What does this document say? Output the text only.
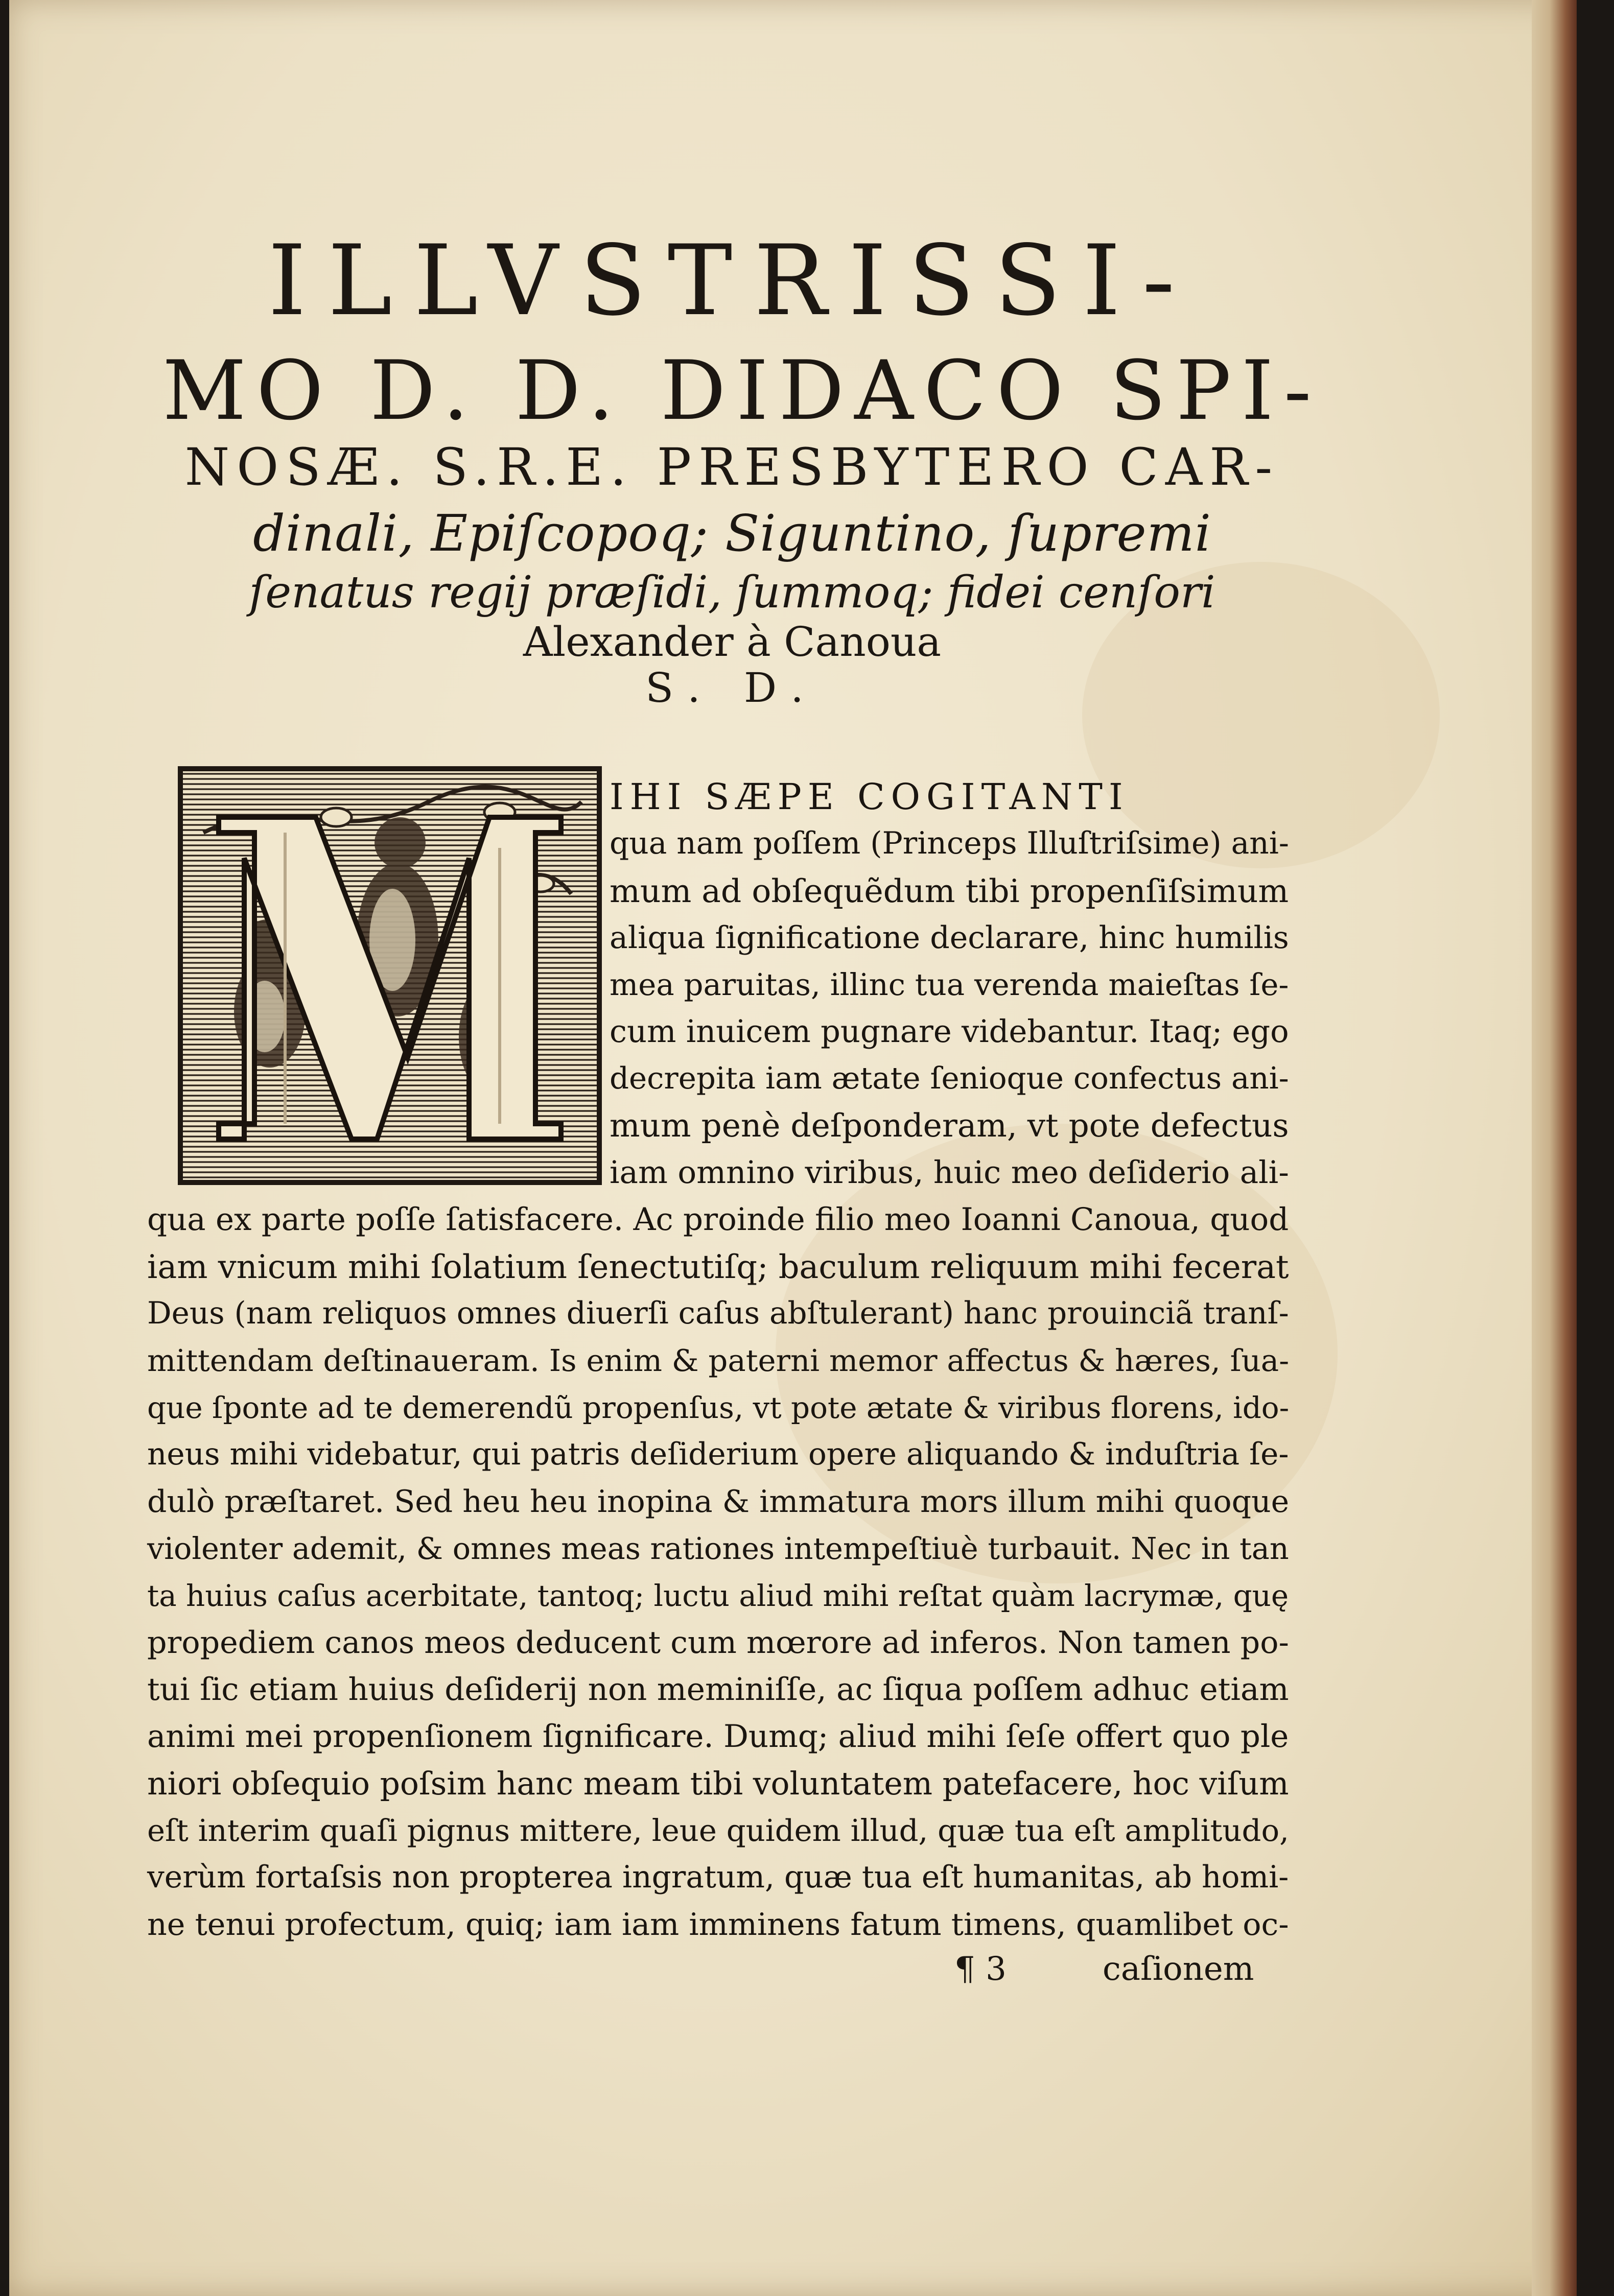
ILLVSTRISSI-
MO D. D. DIDACO SPI-
NOSÆ. S.R.E. PRESBYTERO CAR-
dinali, Epiſcopoq; Siguntino, ſupremi
ſenatus regij præſidi, ſummoq; fidei cenſori
Alexander à Canoua
S. D.
IHI SÆPE COGITANTI
qua nam poſſem (Princeps Illuſtriſsime) ani-
mum ad obſequẽdum tibi propenſiſsimum
aliqua ſignificatione declarare, hinc humilis
mea paruitas, illinc tua verenda maieſtas ſe-
cum inuicem pugnare videbantur. Itaq; ego
decrepita iam ætate ſenioque confectus ani-
mum penè deſponderam, vt pote defectus
iam omnino viribus, huic meo deſiderio ali-
qua ex parte poſſe ſatisfacere. Ac proinde filio meo Ioanni Canoua, quod
iam vnicum mihi ſolatium ſenectutiſq; baculum reliquum mihi fecerat
Deus (nam reliquos omnes diuerſi caſus abſtulerant) hanc prouinciã tranſ-
mittendam deſtinaueram. Is enim & paterni memor affectus & hæres, ſua-
que ſponte ad te demerendũ propenſus, vt pote ætate & viribus florens, ido-
neus mihi videbatur, qui patris deſiderium opere aliquando & induſtria ſe-
dulò præſtaret. Sed heu heu inopina & immatura mors illum mihi quoque
violenter ademit, & omnes meas rationes intempeſtiuè turbauit. Nec in tan
ta huius caſus acerbitate, tantoq; luctu aliud mihi reſtat quàm lacrymæ, quę
propediem canos meos deducent cum mœrore ad inferos. Non tamen po-
tui ſic etiam huius deſiderij non meminiſſe, ac ſiqua poſſem adhuc etiam
animi mei propenſionem ſignificare. Dumq; aliud mihi ſeſe offert quo ple
niori obſequio poſsim hanc meam tibi voluntatem patefacere, hoc viſum
eſt interim quaſi pignus mittere, leue quidem illud, quæ tua eſt amplitudo,
verùm fortaſsis non propterea ingratum, quæ tua eſt humanitas, ab homi-
ne tenui profectum, quiq; iam iam imminens fatum timens, quamlibet oc-
¶ 3	caſionem
